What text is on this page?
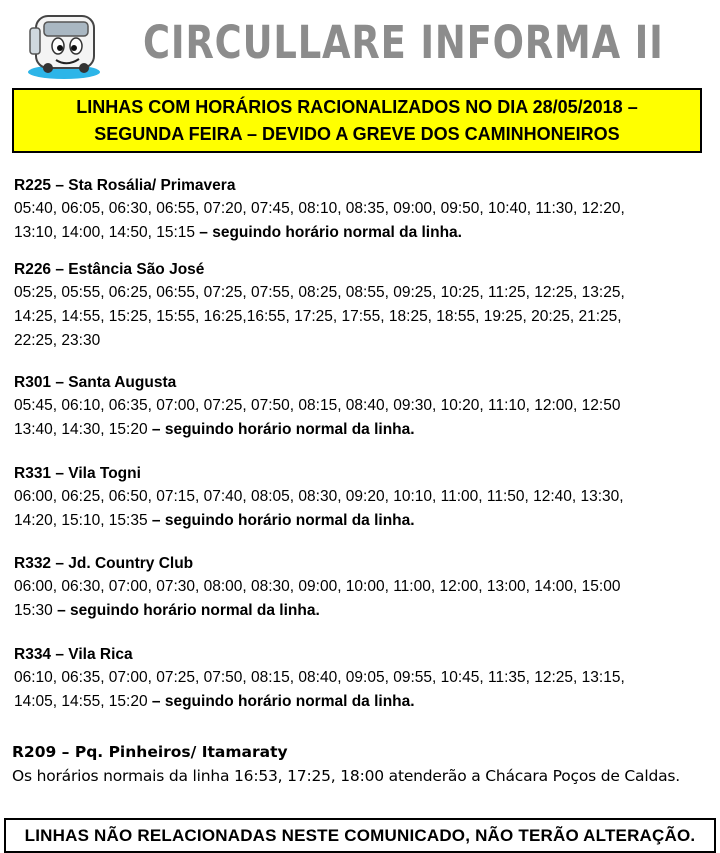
CIRCULLARE INFORMA II
LINHAS COM HORÁRIOS RACIONALIZADOS NO DIA 28/05/2018 –
SEGUNDA FEIRA – DEVIDO A GREVE DOS CAMINHONEIROS
R225 – Sta Rosália/ Primavera
05:40, 06:05, 06:30, 06:55, 07:20, 07:45, 08:10, 08:35, 09:00, 09:50, 10:40, 11:30, 12:20,
13:10, 14:00, 14:50, 15:15 – seguindo horário normal da linha.
R226 – Estância São José
05:25, 05:55, 06:25, 06:55, 07:25, 07:55, 08:25, 08:55, 09:25, 10:25, 11:25, 12:25, 13:25,
14:25, 14:55, 15:25, 15:55, 16:25,16:55, 17:25, 17:55, 18:25, 18:55, 19:25, 20:25, 21:25,
22:25, 23:30
R301 – Santa Augusta
05:45, 06:10, 06:35, 07:00, 07:25, 07:50, 08:15, 08:40, 09:30, 10:20, 11:10, 12:00, 12:50
13:40, 14:30, 15:20 – seguindo horário normal da linha.
R331 – Vila Togni
06:00, 06:25, 06:50, 07:15, 07:40, 08:05, 08:30, 09:20, 10:10, 11:00, 11:50, 12:40, 13:30,
14:20, 15:10, 15:35 – seguindo horário normal da linha.
R332 – Jd. Country Club
06:00, 06:30, 07:00, 07:30, 08:00, 08:30, 09:00, 10:00, 11:00, 12:00, 13:00, 14:00, 15:00
15:30 – seguindo horário normal da linha.
R334 – Vila Rica
06:10, 06:35, 07:00, 07:25, 07:50, 08:15, 08:40, 09:05, 09:55, 10:45, 11:35, 12:25, 13:15,
14:05, 14:55, 15:20 – seguindo horário normal da linha.
R209 – Pq. Pinheiros/ Itamaraty
Os horários normais da linha 16:53, 17:25, 18:00 atenderão a Chácara Poços de Caldas.
LINHAS NÃO RELACIONADAS NESTE COMUNICADO, NÃO TERÃO ALTERAÇÃO.
